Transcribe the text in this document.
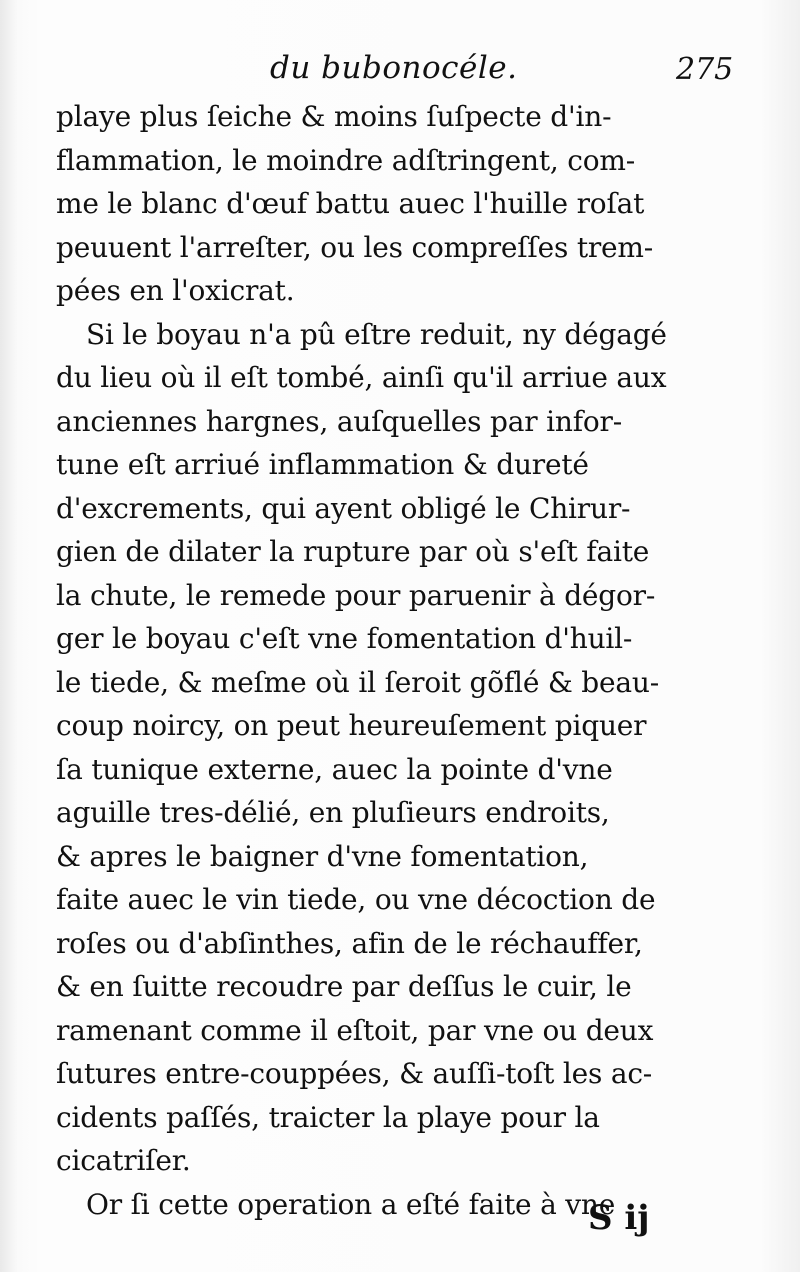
du bubonocéle.	275
playe plus ſeiche & moins ſuſpecte d'in-
flammation, le moindre adſtringent, com-
me le blanc d'œuf battu auec l'huille roſat
peuuent l'arreſter, ou les compreſſes trem-
pées en l'oxicrat.
Si le boyau n'a pû eſtre reduit, ny dégagé
du lieu où il eſt tombé, ainſi qu'il arriue aux
anciennes hargnes, auſquelles par infor-
tune eſt arriué inflammation & dureté
d'excrements, qui ayent obligé le Chirur-
gien de dilater la rupture par où s'eſt faite
la chute, le remede pour paruenir à dégor-
ger le boyau c'eſt vne fomentation d'huil-
le tiede, & meſme où il ſeroit gõflé & beau-
coup noircy, on peut heureuſement piquer
ſa tunique externe, auec la pointe d'vne
aguille tres-délié, en pluſieurs endroits,
& apres le baigner d'vne fomentation,
faite auec le vin tiede, ou vne décoction de
roſes ou d'abſinthes, afin de le réchauffer,
& en ſuitte recoudre par deſſus le cuir, le
ramenant comme il eſtoit, par vne ou deux
ſutures entre-couppées, & auſſi-toſt les ac-
cidents paſſés, traicter la playe pour la
cicatriſer.
Or ſi cette operation a eſté faite à vne
S ij
